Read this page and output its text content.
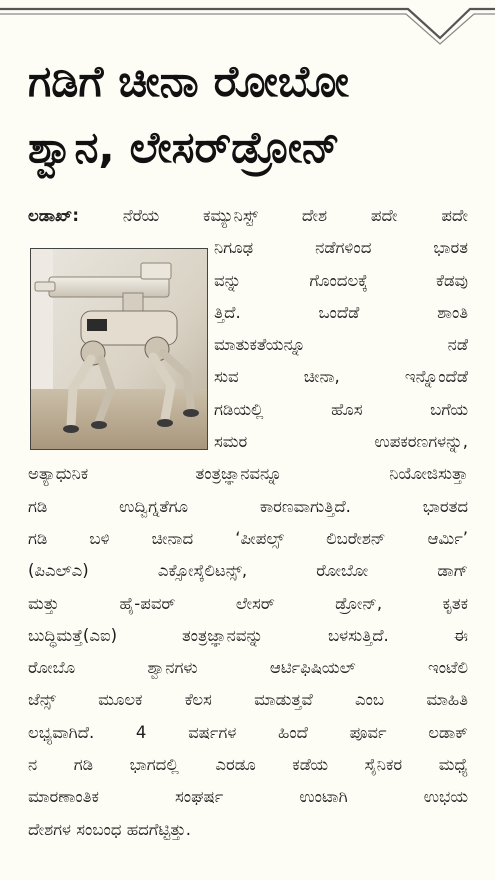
ಗಡಿಗೆ ಚೀನಾ ರೋಬೋ
ಶ್ವಾನ, ಲೇಸರ್‌ಡ್ರೋನ್
ಲಡಾಖ್:	ನೆರೆಯ ಕಮ್ಯುನಿಸ್ಟ್ ದೇಶ ಪದೇ ಪದೇ
ನಿಗೂಢ ನಡೆಗಳಿಂದ ಭಾರತ
ವನ್ನು ಗೊಂದಲಕ್ಕೆ ಕೆಡವು
ತ್ತಿದೆ. ಒಂದೆಡೆ ಶಾಂತಿ
ಮಾತುಕತೆಯನ್ನೂ ನಡೆ
ಸುವ ಚೀನಾ, ಇನ್ನೊಂದೆಡೆ
ಗಡಿಯಲ್ಲಿ ಹೊಸ ಬಗೆಯ
ಸಮರ ಉಪಕರಣಗಳನ್ನು,
ಅತ್ಯಾಧುನಿಕ ತಂತ್ರಜ್ಞಾನವನ್ನೂ ನಿಯೋಜಿಸುತ್ತಾ
ಗಡಿ ಉದ್ವಿಗ್ನತೆಗೂ ಕಾರಣವಾಗುತ್ತಿದೆ. ಭಾರತದ
ಗಡಿ ಬಳಿ ಚೀನಾದ ‘ಪೀಪಲ್ಸ್ ಲಿಬರೇಶನ್ ಆರ್ಮಿ’
(ಪಿಎಲ್‌ಎ) ಎಕ್ಸೋಸ್ಕೆಲಿಟನ್ಸ್, ರೋಬೋ ಡಾಗ್
ಮತ್ತು ಹೈ-ಪವರ್ ಲೇಸರ್ ಡ್ರೋನ್, ಕೃತಕ
ಬುದ್ಧಿಮತ್ತೆ(ಎಐ) ತಂತ್ರಜ್ಞಾನವನ್ನು ಬಳಸುತ್ತಿದೆ. ಈ
ರೋಬೊ ಶ್ವಾನಗಳು ಆರ್ಟಿಫಿಷಿಯಲ್ ಇಂಟೆಲಿ
ಜೆನ್ಸ್ ಮೂಲಕ ಕೆಲಸ ಮಾಡುತ್ತವೆ ಎಂಬ ಮಾಹಿತಿ
ಲಭ್ಯವಾಗಿದೆ. 4 ವರ್ಷಗಳ ಹಿಂದೆ ಪೂರ್ವ ಲಡಾಕ್
ನ ಗಡಿ ಭಾಗದಲ್ಲಿ ಎರಡೂ ಕಡೆಯ ಸೈನಿಕರ ಮಧ್ಯೆ
ಮಾರಣಾಂತಿಕ ಸಂಘರ್ಷ ಉಂಟಾಗಿ ಉಭಯ
ದೇಶಗಳ ಸಂಬಂಧ ಹದಗೆಟ್ಟಿತ್ತು.
